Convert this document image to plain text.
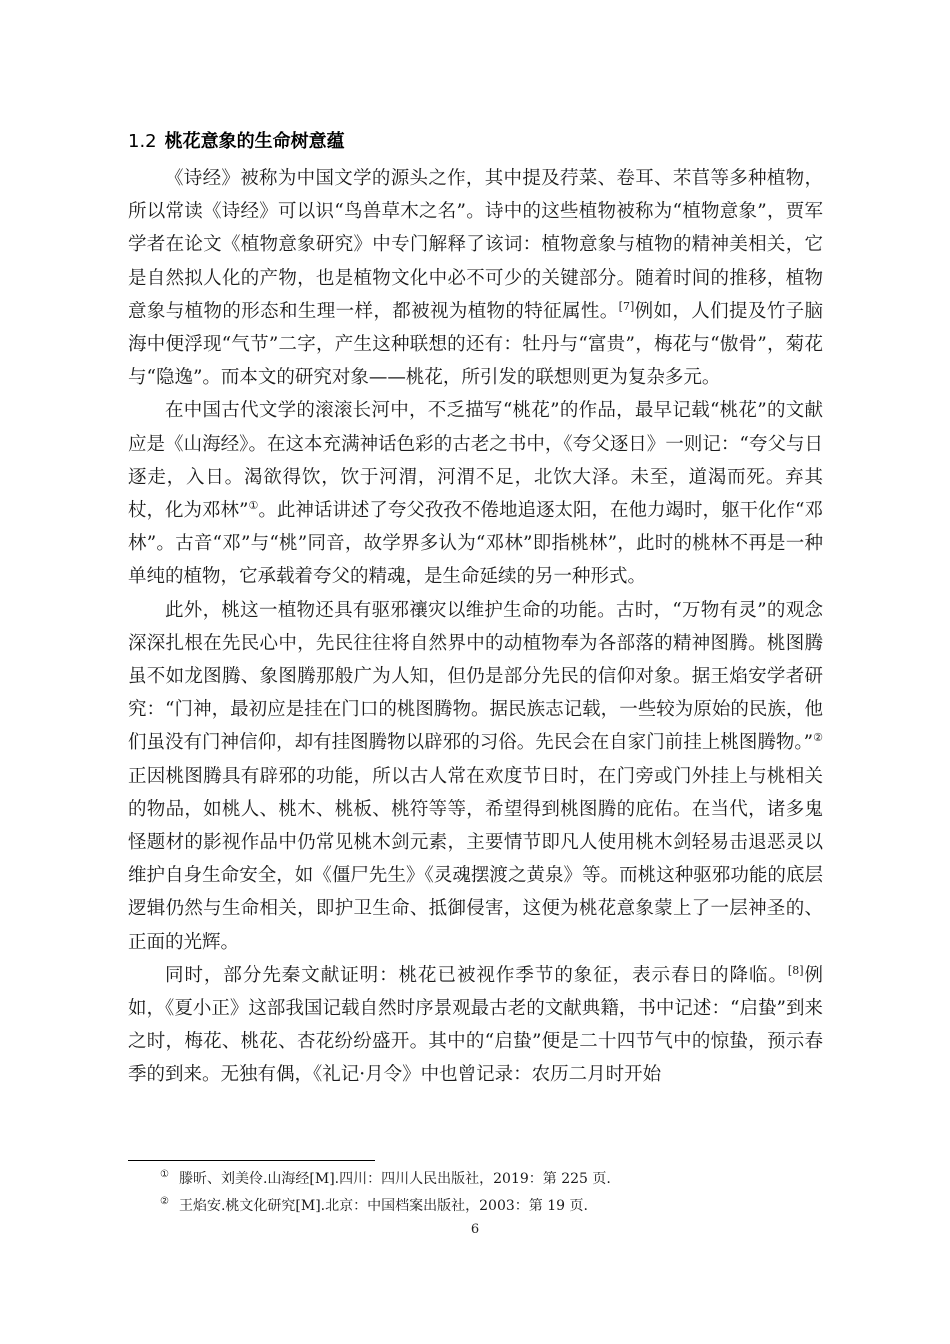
1.2 桃花意象的生命树意蕴

《诗经》被称为中国文学的源头之作，其中提及荇菜、卷耳、芣苢等多种植物，所以常读《诗经》可以识“鸟兽草木之名”。诗中的这些植物被称为“植物意象”，贾军学者在论文《植物意象研究》中专门解释了该词：植物意象与植物的精神美相关，它是自然拟人化的产物，也是植物文化中必不可少的关键部分。随着时间的推移，植物意象与植物的形态和生理一样，都被视为植物的特征属性。[7]例如，人们提及竹子脑海中便浮现“气节”二字，产生这种联想的还有：牡丹与“富贵”，梅花与“傲骨”，菊花与“隐逸”。而本文的研究对象——桃花，所引发的联想则更为复杂多元。

在中国古代文学的滚滚长河中，不乏描写“桃花”的作品，最早记载“桃花”的文献应是《山海经》。在这本充满神话色彩的古老之书中，《夸父逐日》一则记：“夸父与日逐走，入日。渴欲得饮，饮于河渭，河渭不足，北饮大泽。未至，道渴而死。弃其杖，化为邓林”①。此神话讲述了夸父孜孜不倦地追逐太阳，在他力竭时，躯干化作“邓林”。古音“邓”与“桃”同音，故学界多认为“邓林”即指桃林”，此时的桃林不再是一种单纯的植物，它承载着夸父的精魂，是生命延续的另一种形式。

此外，桃这一植物还具有驱邪禳灾以维护生命的功能。古时，“万物有灵”的观念深深扎根在先民心中，先民往往将自然界中的动植物奉为各部落的精神图腾。桃图腾虽不如龙图腾、象图腾那般广为人知，但仍是部分先民的信仰对象。据王焰安学者研究：“门神，最初应是挂在门口的桃图腾物。据民族志记载，一些较为原始的民族，他们虽没有门神信仰，却有挂图腾物以辟邪的习俗。先民会在自家门前挂上桃图腾物。”②正因桃图腾具有辟邪的功能，所以古人常在欢度节日时，在门旁或门外挂上与桃相关的物品，如桃人、桃木、桃板、桃符等等，希望得到桃图腾的庇佑。在当代，诸多鬼怪题材的影视作品中仍常见桃木剑元素，主要情节即凡人使用桃木剑轻易击退恶灵以维护自身生命安全，如《僵尸先生》《灵魂摆渡之黄泉》等。而桃这种驱邪功能的底层逻辑仍然与生命相关，即护卫生命、抵御侵害，这便为桃花意象蒙上了一层神圣的、正面的光辉。

同时，部分先秦文献证明：桃花已被视作季节的象征，表示春日的降临。[8]例如，《夏小正》这部我国记载自然时序景观最古老的文献典籍，书中记述：“启蛰”到来之时，梅花、桃花、杏花纷纷盛开。其中的“启蛰”便是二十四节气中的惊蛰，预示春季的到来。无独有偶，《礼记·月令》中也曾记录：农历二月时开始

① 滕昕、刘美伶.山海经[M].四川：四川人民出版社，2019：第 225 页.
② 王焰安.桃文化研究[M].北京：中国档案出版社，2003：第 19 页.
6
